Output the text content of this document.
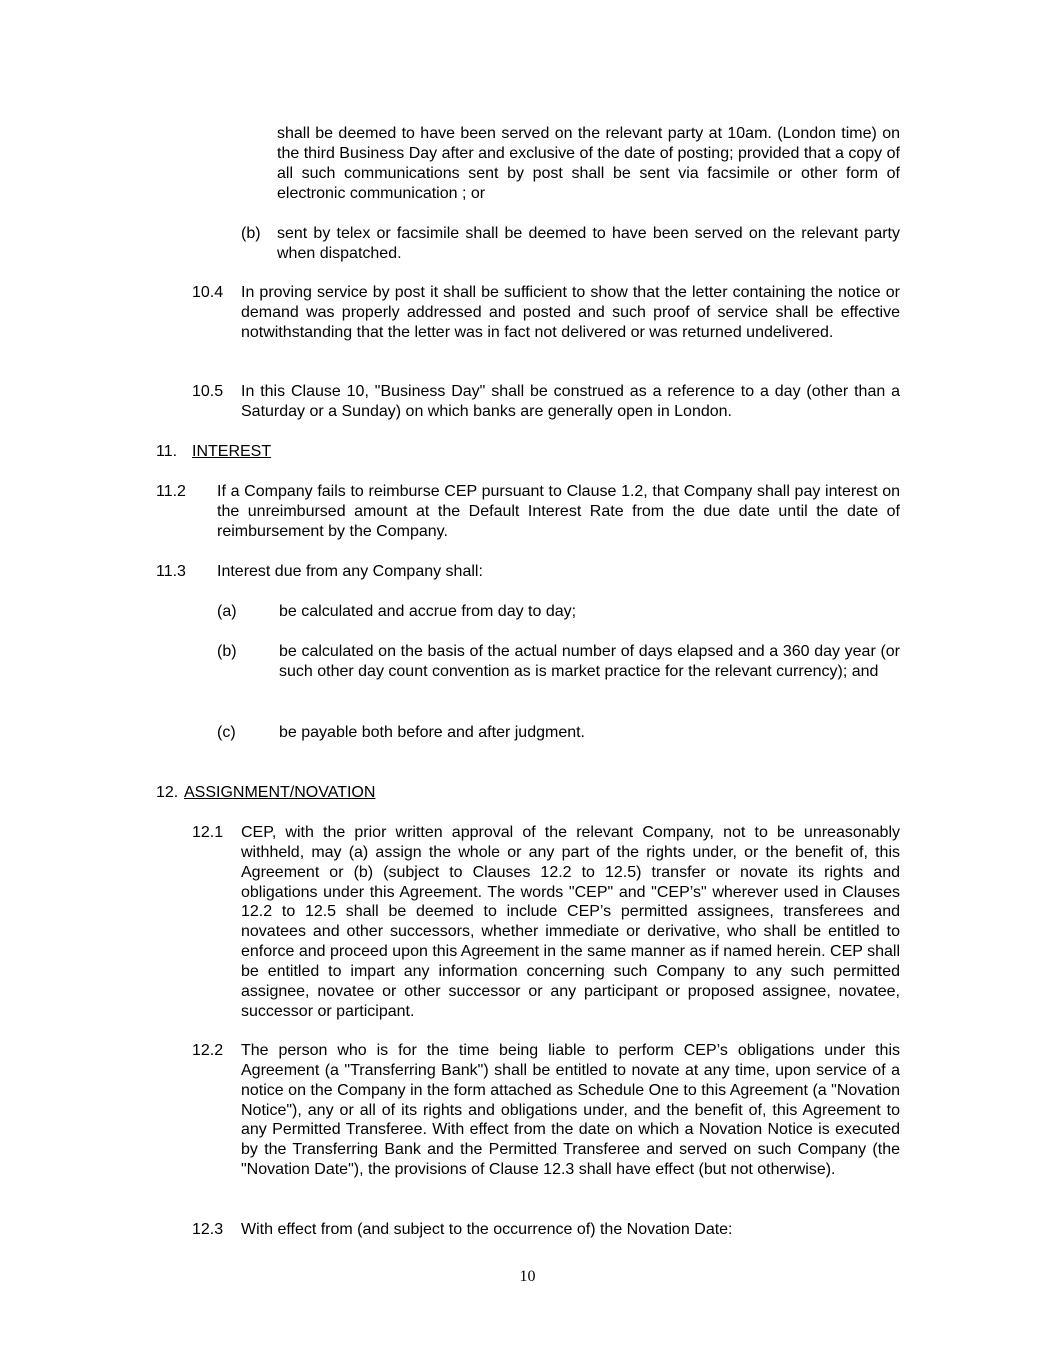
shall be deemed to have been served on the relevant party at 10am. (London time) on the third Business Day after and exclusive of the date of posting; provided that a copy of all such communications sent by post shall be sent via facsimile or other form of electronic communication ; or

(b) sent by telex or facsimile shall be deemed to have been served on the relevant party when dispatched.

10.4 In proving service by post it shall be sufficient to show that the letter containing the notice or demand was properly addressed and posted and such proof of service shall be effective notwithstanding that the letter was in fact not delivered or was returned undelivered.

10.5 In this Clause 10, "Business Day" shall be construed as a reference to a day (other than a Saturday or a Sunday) on which banks are generally open in London.

11. INTEREST
11.2 If a Company fails to reimburse CEP pursuant to Clause 1.2, that Company shall pay interest on the unreimbursed amount at the Default Interest Rate from the due date until the date of reimbursement by the Company.

11.3 Interest due from any Company shall:
(a)	be calculated and accrue from day to day;

(b)	be calculated on the basis of the actual number of days elapsed and a 360 day year (or such other day count convention as is market practice for the relevant currency); and

(c)	be payable both before and after judgment.

12. ASSIGNMENT/NOVATION
12.1 CEP, with the prior written approval of the relevant Company, not to be unreasonably withheld, may (a) assign the whole or any part of the rights under, or the benefit of, this Agreement or (b) (subject to Clauses 12.2 to 12.5) transfer or novate its rights and obligations under this Agreement. The words "CEP" and "CEP’s" wherever used in Clauses 12.2 to 12.5 shall be deemed to include CEP’s permitted assignees, transferees and novatees and other successors, whether immediate or derivative, who shall be entitled to enforce and proceed upon this Agreement in the same manner as if named herein. CEP shall be entitled to impart any information concerning such Company to any such permitted assignee, novatee or other successor or any participant or proposed assignee, novatee, successor or participant.

12.2 The person who is for the time being liable to perform CEP’s obligations under this Agreement (a "Transferring Bank") shall be entitled to novate at any time, upon service of a notice on the Company in the form attached as Schedule One to this Agreement (a "Novation Notice"), any or all of its rights and obligations under, and the benefit of, this Agreement to any Permitted Transferee. With effect from the date on which a Novation Notice is executed by the Transferring Bank and the Permitted Transferee and served on such Company (the "Novation Date"), the provisions of Clause 12.3 shall have effect (but not otherwise).

12.3 With effect from (and subject to the occurrence of) the Novation Date:
10
